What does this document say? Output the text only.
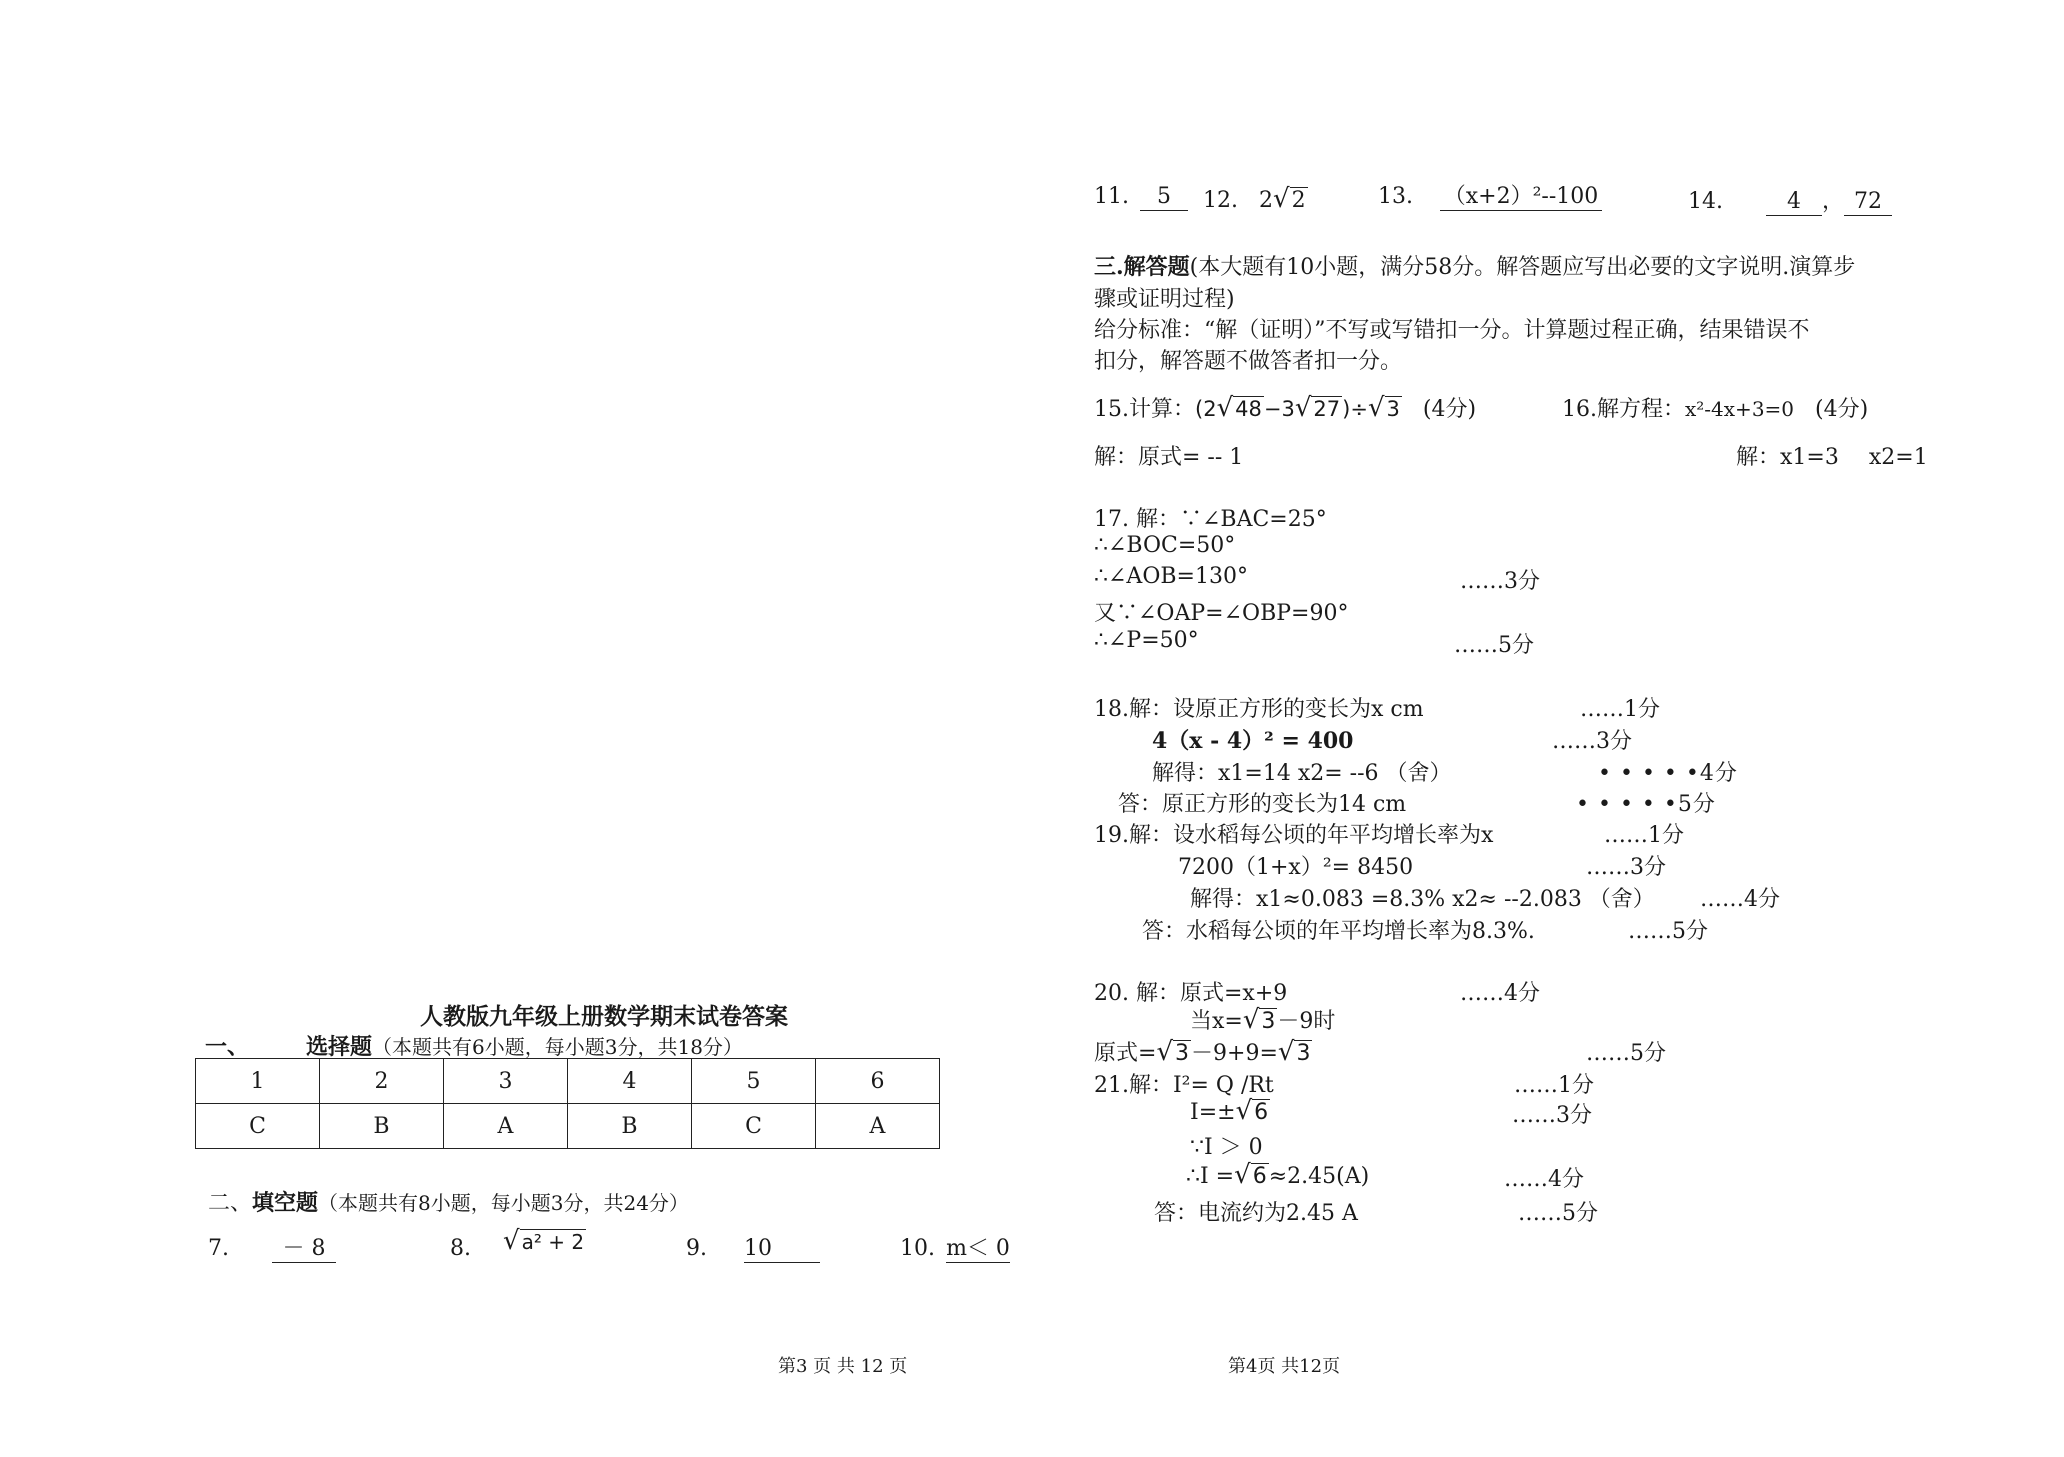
人教版九年级上册数学期末试卷答案
一、	选择题（本题共有6小题，每小题3分，共18分）
1	2	3	4	5	6
C	B	A	B	C	A
二、填空题（本题共有8小题，每小题3分，共24分）
7. － 8	8. √ a² + 2	9. 10	10. m＜ 0
第3 页 共 12 页
11. 5	12. 2√2	13. （x+2）²--100	14.	4 ， 72
三.解答题(本大题有10小题，满分58分。解答题应写出必要的文字说明.演算步
骤或证明过程)
给分标准：“解（证明）”不写或写错扣一分。计算题过程正确，结果错误不
扣分，解答题不做答者扣一分。
15.计算：(2√48−3√27)÷√3 (4分)	16.解方程：x²-4x+3=0 (4分)
解：原式= -- 1	解：x1=3 x2=1
17. 解：∵∠BAC=25°
∴∠BOC=50°
∴∠AOB=130°	……3分
又∵∠OAP=∠OBP=90°
∴∠P=50°	……5分
18.解：设原正方形的变长为x cm	……1分
4（x - 4）² = 400	……3分
解得：x1=14 x2= --6 （舍）	• • • • •4分
答：原正方形的变长为14 cm	• • • • •5分
19.解：设水稻每公顷的年平均增长率为x	……1分
7200（1+x）²= 8450	……3分
解得：x1≈0.083 =8.3% x2≈ --2.083 （舍） ……4分
答：水稻每公顷的年平均增长率为8.3%.	……5分
20. 解：原式=x+9	……4分
当x=√3－9时
原式=√3－9+9=√3	……5分
21.解：I²= Q /Rt	……1分
I=±√6	……3分
∵I ＞ 0
∴I =√6≈2.45(A)	……4分
答：电流约为2.45 A	……5分
第4页 共12页
